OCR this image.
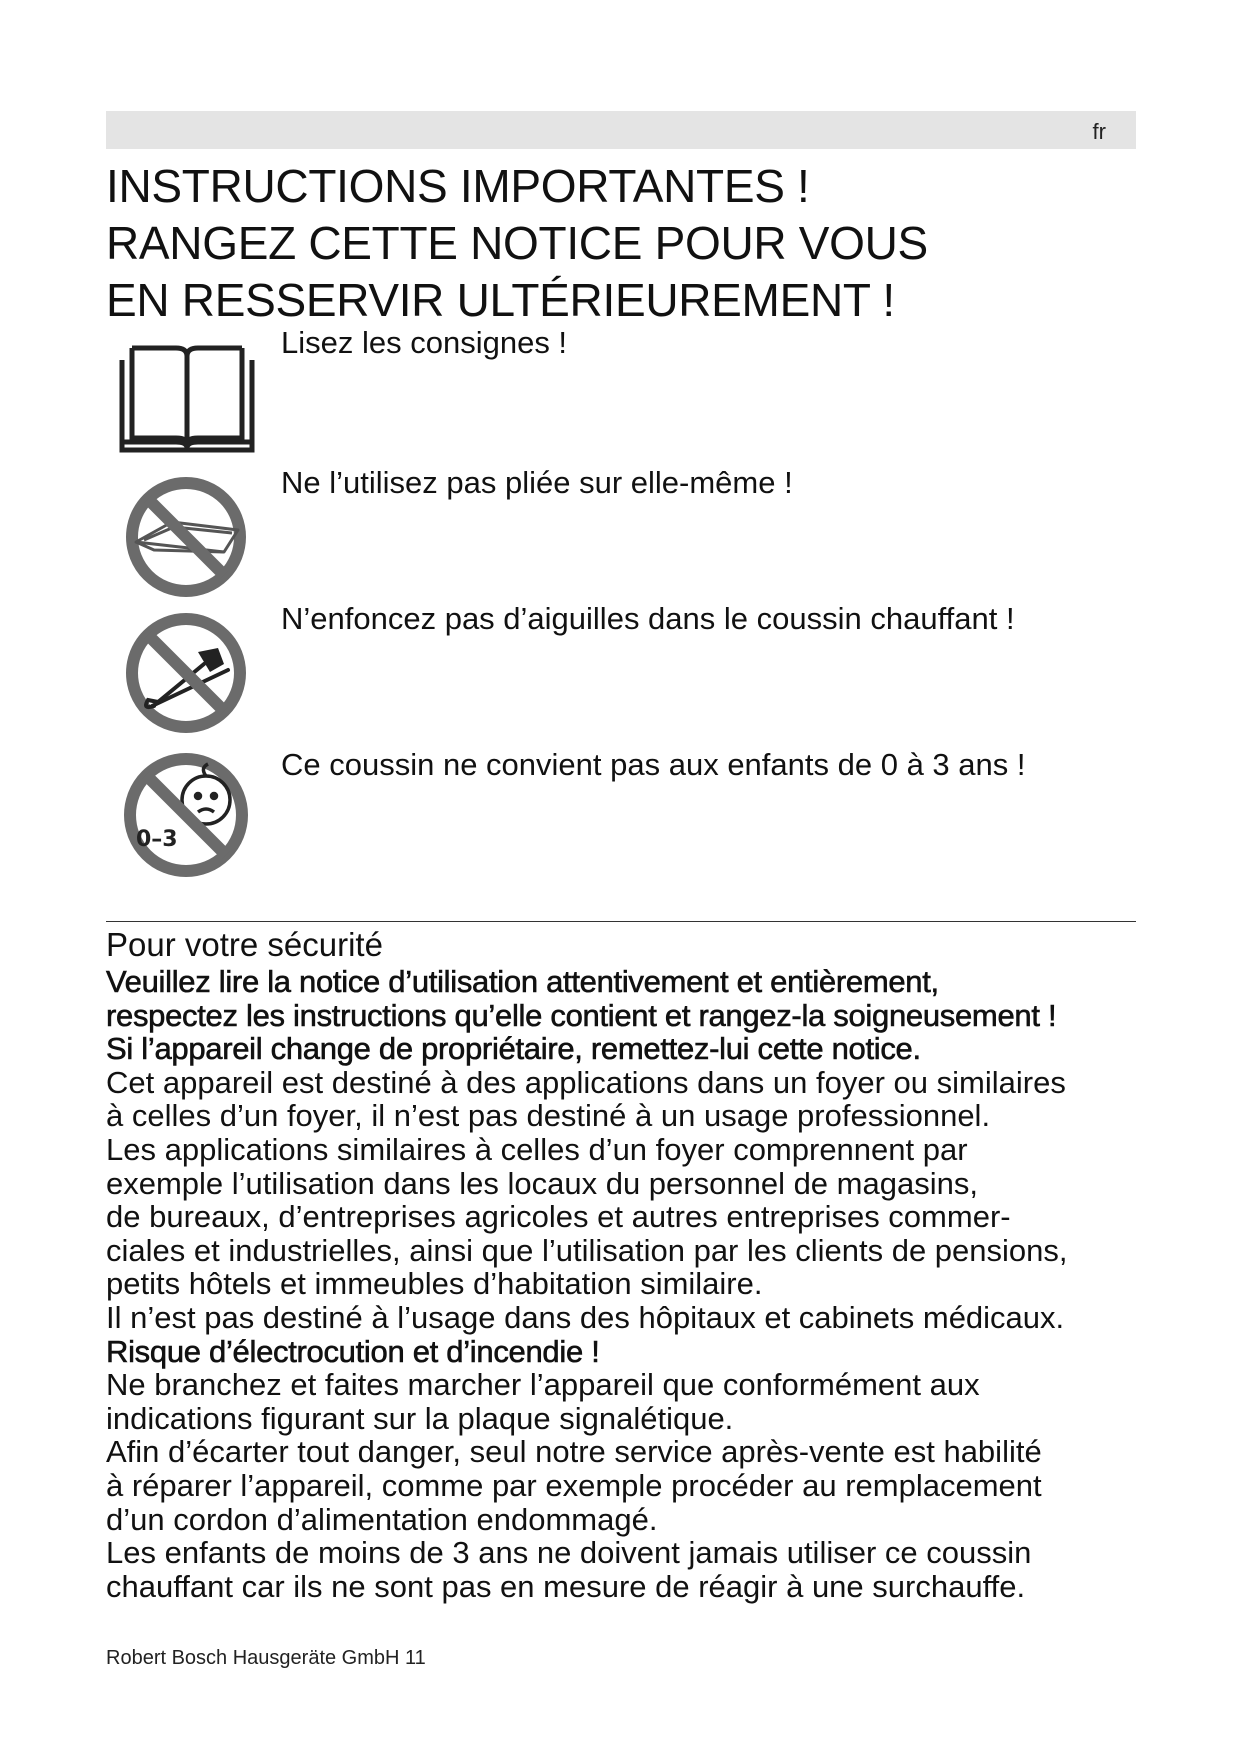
fr
INSTRUCTIONS IMPORTANTES !
RANGEZ CETTE NOTICE POUR VOUS
EN RESSERVIR ULTÉRIEUREMENT !
Lisez les consignes !
Ne l’utilisez pas pliée sur elle-même !
N’enfoncez pas d’aiguilles dans le coussin chauffant !
0–3
Ce coussin ne convient pas aux enfants de 0 à 3 ans !
Pour votre sécurité
Veuillez lire la notice d’utilisation attentivement et entièrement,
respectez les instructions qu’elle contient et rangez-la soigneusement !
Si l’appareil change de propriétaire, remettez-lui cette notice.
Cet appareil est destiné à des applications dans un foyer ou similaires
à celles d’un foyer, il n’est pas destiné à un usage professionnel.
Les applications similaires à celles d’un foyer comprennent par
exemple l’utilisation dans les locaux du personnel de magasins,
de bureaux, d’entreprises agricoles et autres entreprises commer-
ciales et industrielles, ainsi que l’utilisation par les clients de pensions,
petits hôtels et immeubles d’habitation similaire.
Il n’est pas destiné à l’usage dans des hôpitaux et cabinets médicaux.
Risque d’électrocution et d’incendie !
Ne branchez et faites marcher l’appareil que conformément aux
indications figurant sur la plaque signalétique.
Afin d’écarter tout danger, seul notre service après-vente est habilité
à réparer l’appareil, comme par exemple procéder au remplacement
d’un cordon d’alimentation endommagé.
Les enfants de moins de 3 ans ne doivent jamais utiliser ce coussin
chauffant car ils ne sont pas en mesure de réagir à une surchauffe.
Robert Bosch Hausgeräte GmbH 11
